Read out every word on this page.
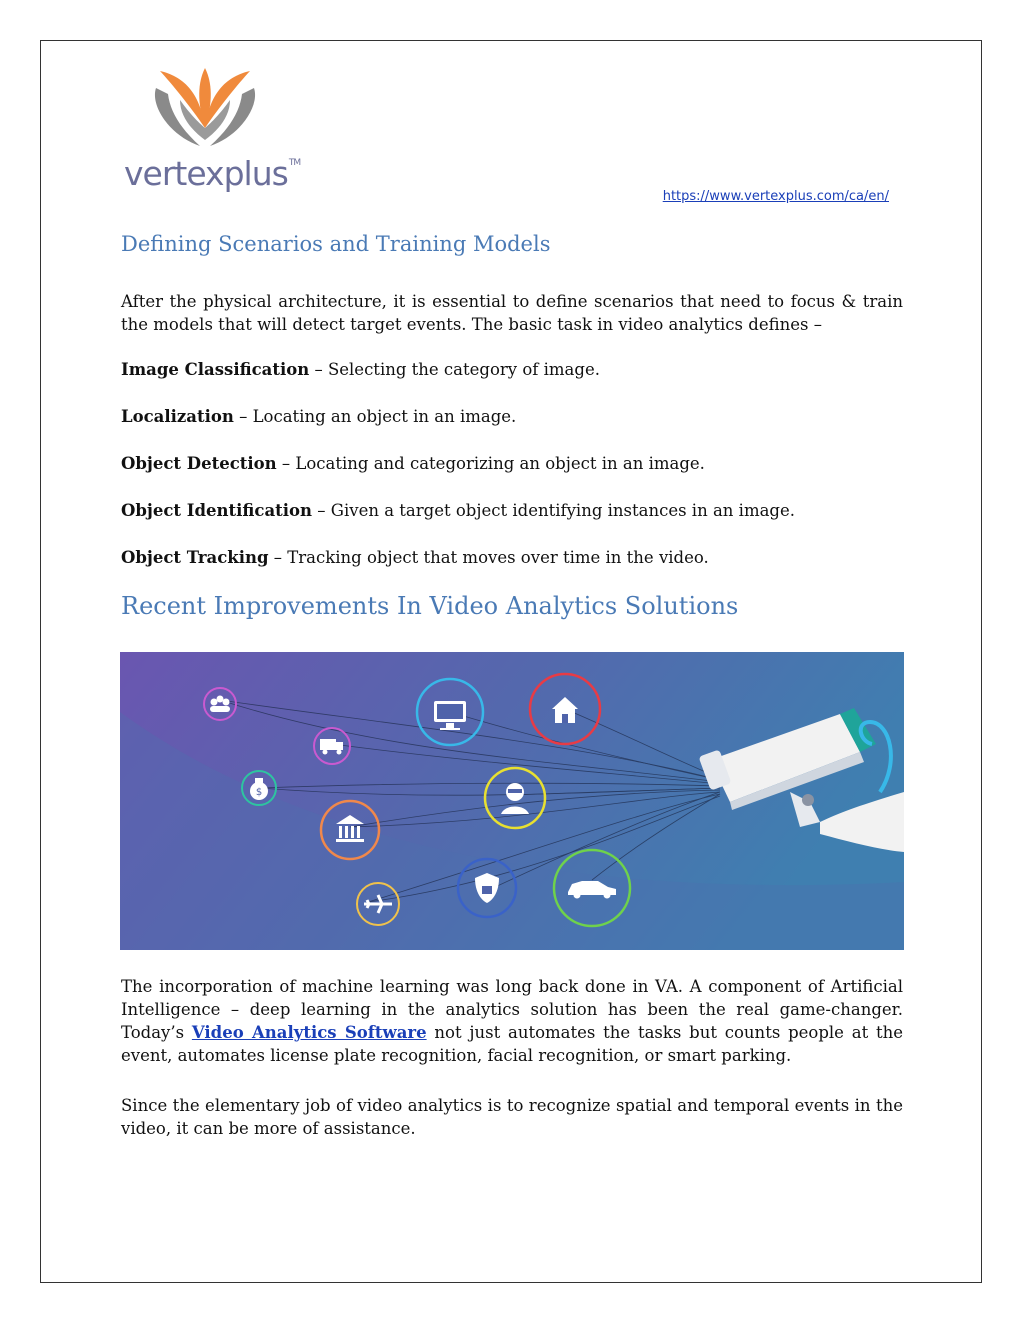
vertexplus™
https://www.vertexplus.com/ca/en/
Defining Scenarios and Training Models

After the physical architecture, it is essential to define scenarios that need to focus & train the models that will detect target events. The basic task in video analytics defines –

Image Classification – Selecting the category of image.

Localization – Locating an object in an image.

Object Detection – Locating and categorizing an object in an image.

Object Identification – Given a target object identifying instances in an image.

Object Tracking – Tracking object that moves over time in the video.

Recent Improvements In Video Analytics Solutions
$

The incorporation of machine learning was long back done in VA. A component of Artificial Intelligence – deep learning in the analytics solution has been the real game-changer. Today’s Video Analytics Software not just automates the tasks but counts people at the event, automates license plate recognition, facial recognition, or smart parking.

Since the elementary job of video analytics is to recognize spatial and temporal events in the video, it can be more of assistance.
